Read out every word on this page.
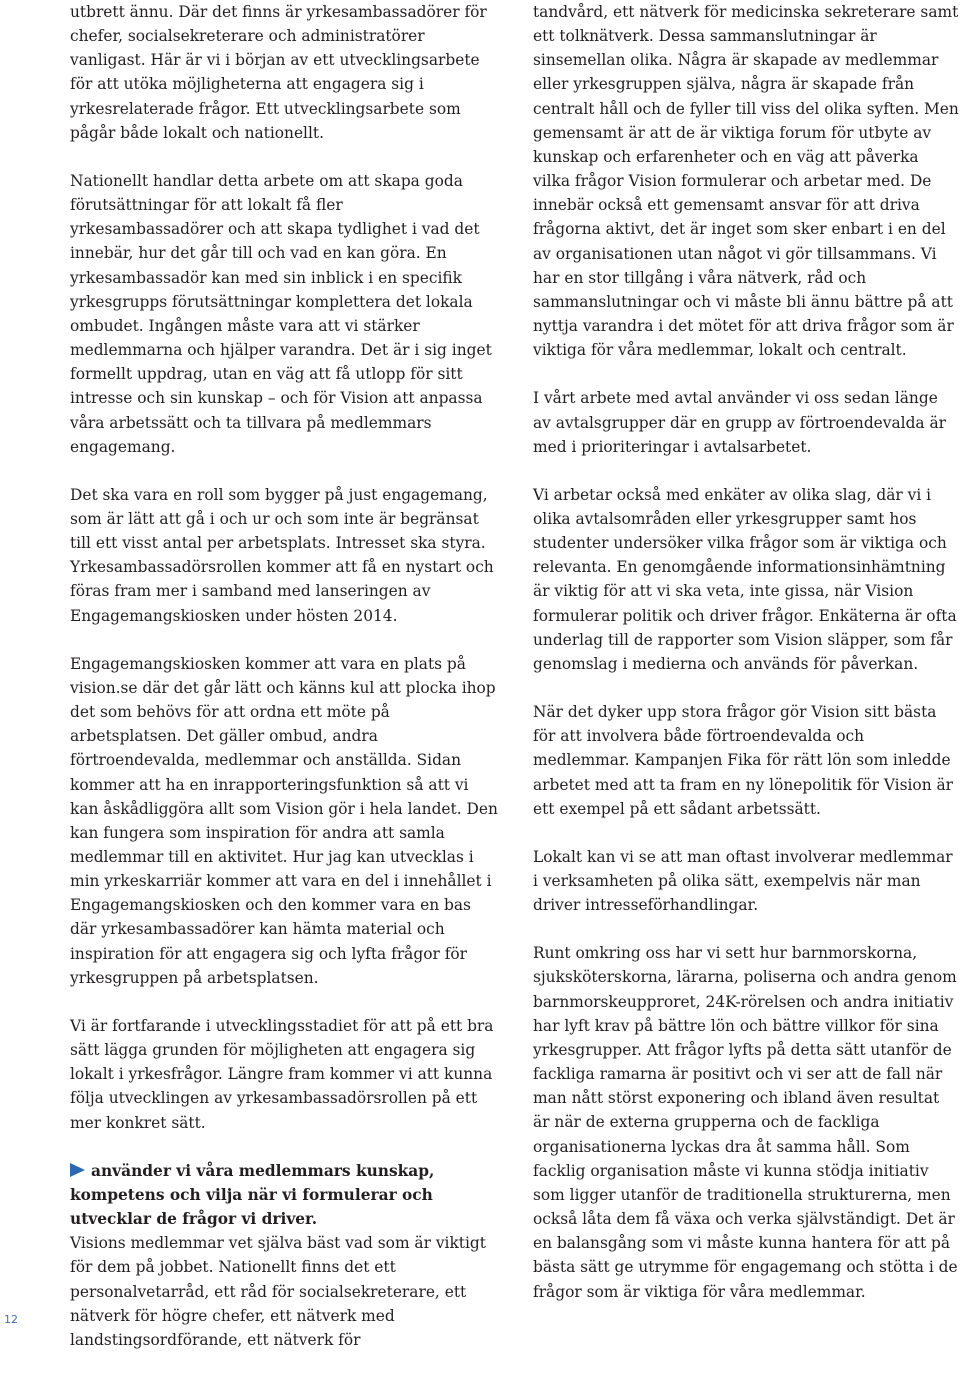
utbrett ännu. Där det finns är yrkesambassadörer för chefer, socialsekreterare och administratörer vanligast. Här är vi i början av ett utvecklingsarbete för att utöka möjligheterna att engagera sig i yrkesrelaterade frågor. Ett utvecklingsarbete som pågår både lokalt och nationellt.

Nationellt handlar detta arbete om att skapa goda förutsättningar för att lokalt få fler yrkesambassadörer och att skapa tydlighet i vad det innebär, hur det går till och vad en kan göra. En yrkesambassadör kan med sin inblick i en specifik yrkesgrupps förutsättningar komplettera det lokala ombudet. Ingången måste vara att vi stärker medlemmarna och hjälper varandra. Det är i sig inget formellt uppdrag, utan en väg att få utlopp för sitt intresse och sin kunskap – och för Vision att anpassa våra arbetssätt och ta tillvara på medlemmars engagemang.

Det ska vara en roll som bygger på just engagemang, som är lätt att gå i och ur och som inte är begränsat till ett visst antal per arbetsplats. Intresset ska styra. Yrkesambassadörsrollen kommer att få en nystart och föras fram mer i samband med lanseringen av Engagemangskiosken under hösten 2014.

Engagemangskiosken kommer att vara en plats på vision.se där det går lätt och känns kul att plocka ihop det som behövs för att ordna ett möte på arbetsplatsen. Det gäller ombud, andra förtroendevalda, medlemmar och anställda. Sidan kommer att ha en inrapporteringsfunktion så att vi kan åskådliggöra allt som Vision gör i hela landet. Den kan fungera som inspiration för andra att samla medlemmar till en aktivitet. Hur jag kan utvecklas i min yrkeskarriär kommer att vara en del i innehållet i Engagemangskiosken och den kommer vara en bas där yrkesambassadörer kan hämta material och inspiration för att engagera sig och lyfta frågor för yrkesgruppen på arbetsplatsen.

Vi är fortfarande i utvecklingsstadiet för att på ett bra sätt lägga grunden för möjligheten att engagera sig lokalt i yrkesfrågor. Längre fram kommer vi att kunna följa utvecklingen av yrkesambassadörsrollen på ett mer konkret sätt.

använder vi våra medlemmars kunskap, kompetens och vilja när vi formulerar och utvecklar de frågor vi driver.

Visions medlemmar vet själva bäst vad som är viktigt för dem på jobbet. Nationellt finns det ett personalvetarråd, ett råd för socialsekreterare, ett nätverk för högre chefer, ett nätverk med landstingsordförande, ett nätverk för

tandvård, ett nätverk för medicinska sekreterare samt ett tolknätverk. Dessa sammanslutningar är sinsemellan olika. Några är skapade av medlemmar eller yrkesgruppen själva, några är skapade från centralt håll och de fyller till viss del olika syften. Men gemensamt är att de är viktiga forum för utbyte av kunskap och erfarenheter och en väg att påverka vilka frågor Vision formulerar och arbetar med. De innebär också ett gemensamt ansvar för att driva frågorna aktivt, det är inget som sker enbart i en del av organisationen utan något vi gör tillsammans. Vi har en stor tillgång i våra nätverk, råd och sammanslutningar och vi måste bli ännu bättre på att nyttja varandra i det mötet för att driva frågor som är viktiga för våra medlemmar, lokalt och centralt.

I vårt arbete med avtal använder vi oss sedan länge av avtalsgrupper där en grupp av förtroendevalda är med i prioriteringar i avtalsarbetet.

Vi arbetar också med enkäter av olika slag, där vi i olika avtalsområden eller yrkesgrupper samt hos studenter undersöker vilka frågor som är viktiga och relevanta. En genomgående informationsinhämtning är viktig för att vi ska veta, inte gissa, när Vision formulerar politik och driver frågor. Enkäterna är ofta underlag till de rapporter som Vision släpper, som får genomslag i medierna och används för påverkan.

När det dyker upp stora frågor gör Vision sitt bästa för att involvera både förtroendevalda och medlemmar. Kampanjen Fika för rätt lön som inledde arbetet med att ta fram en ny lönepolitik för Vision är ett exempel på ett sådant arbetssätt.

Lokalt kan vi se att man oftast involverar medlemmar i verksamheten på olika sätt, exempelvis när man driver intresseförhandlingar.

Runt omkring oss har vi sett hur barnmorskorna, sjuksköterskorna, lärarna, poliserna och andra genom barnmorskeupproret, 24K-rörelsen och andra initiativ har lyft krav på bättre lön och bättre villkor för sina yrkesgrupper. Att frågor lyfts på detta sätt utanför de fackliga ramarna är positivt och vi ser att de fall när man nått störst exponering och ibland även resultat är när de externa grupperna och de fackliga organisationerna lyckas dra åt samma håll. Som facklig organisation måste vi kunna stödja initiativ som ligger utanför de traditionella strukturerna, men också låta dem få växa och verka självständigt. Det är en balansgång som vi måste kunna hantera för att på bästa sätt ge utrymme för engagemang och stötta i de frågor som är viktiga för våra medlemmar.

12
